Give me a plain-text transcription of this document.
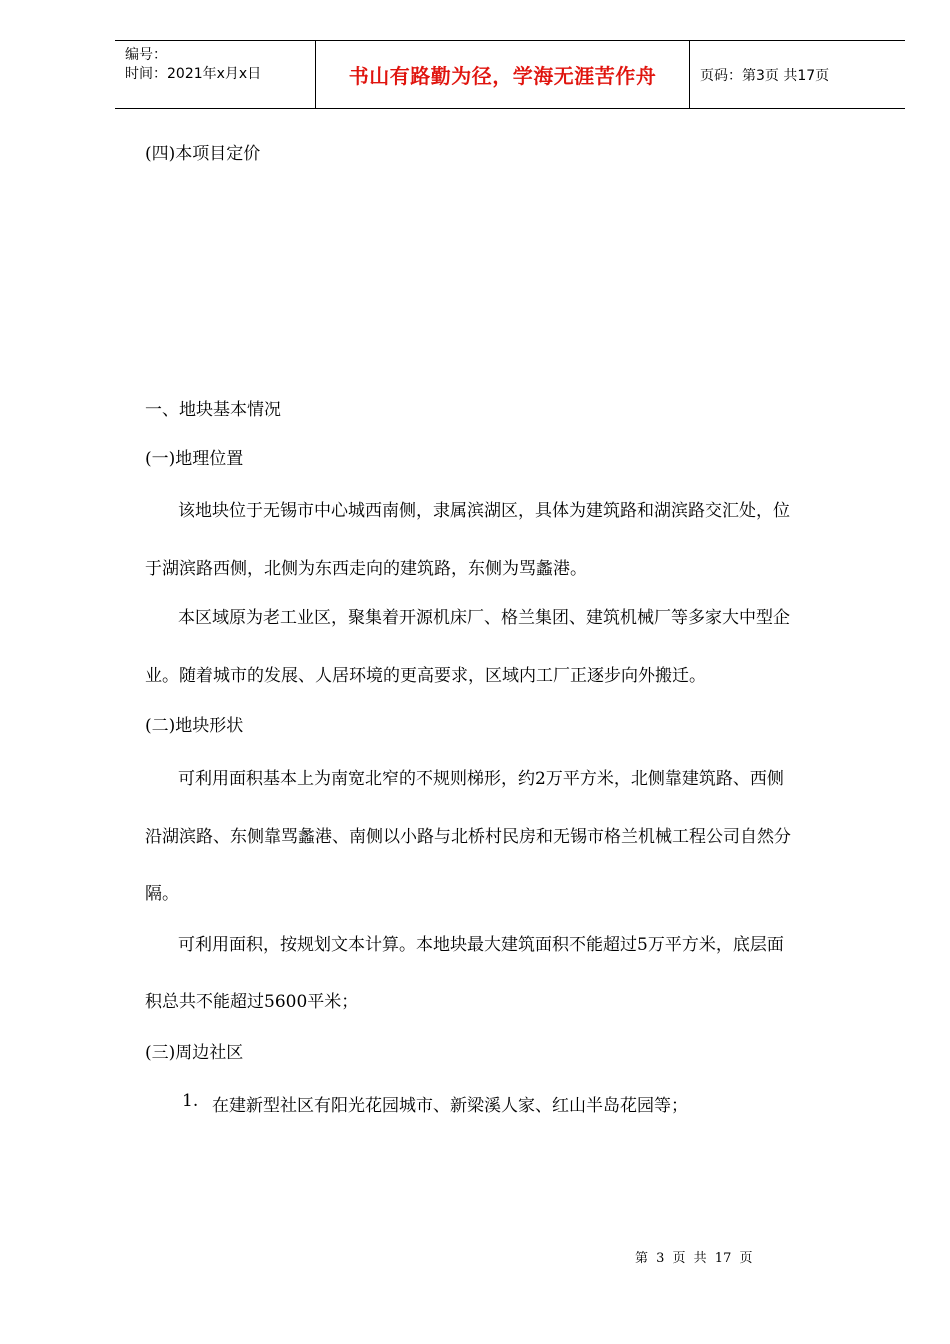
编号：
时间：2021年x月x日	书山有路勤为径，学海无涯苦作舟	页码：第3页 共17页
(四)本项目定价
一、地块基本情况
(一)地理位置
该地块位于无锡市中心城西南侧，隶属滨湖区，具体为建筑路和湖滨路交汇处，位
于湖滨路西侧，北侧为东西走向的建筑路，东侧为骂蠡港。
本区域原为老工业区，聚集着开源机床厂、格兰集团、建筑机械厂等多家大中型企
业。随着城市的发展、人居环境的更高要求，区域内工厂正逐步向外搬迁。
(二)地块形状
可利用面积基本上为南宽北窄的不规则梯形，约2万平方米，北侧靠建筑路、西侧
沿湖滨路、东侧靠骂蠡港、南侧以小路与北桥村民房和无锡市格兰机械工程公司自然分
隔。
可利用面积，按规划文本计算。本地块最大建筑面积不能超过5万平方米，底层面
积总共不能超过5600平米；
(三)周边社区
1. 在建新型社区有阳光花园城市、新梁溪人家、红山半岛花园等；
第 3 页 共 17 页
